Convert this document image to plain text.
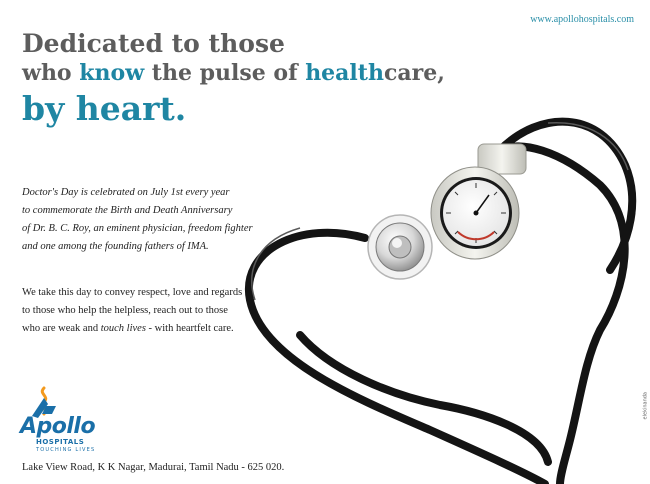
www.apollohospitals.com
Dedicated to those
who know the pulse of healthcare,
by heart.

Doctor's Day is celebrated on July 1st every year

to commemorate the Birth and Death Anniversary

of Dr. B. C. Roy, an eminent physician, freedom fighter

and one among the founding fathers of IMA.

We take this day to convey respect, love and regards

to those who help the helpless, reach out to those

who are weak and touch lives - with heartfelt care.

Apollo
HOSPITALS
TOUCHING LIVES
Lake View Road, K K Nagar, Madurai, Tamil Nadu - 625 020.
elekinanda
